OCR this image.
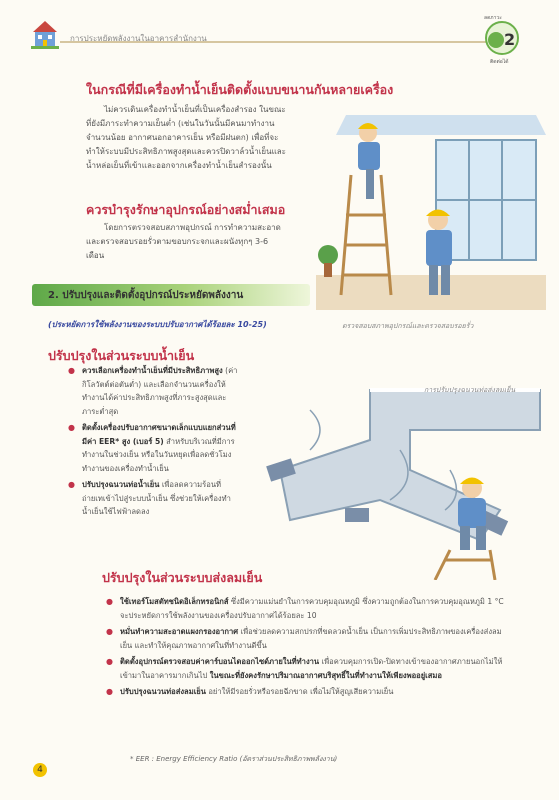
การประหยัดพลังงานในอาคารสำนักงาน	2
ลดภาวะ
ติดต่อได้
ในกรณีที่มีเครื่องทำน้ำเย็นติดตั้งแบบขนานกันหลายเครื่อง
ไม่ควรเดินเครื่องทำน้ำเย็นที่เป็นเครื่องสำรอง ในขณะ
ที่ยังมีภาระทำความเย็นต่ำ (เช่นในวันนั้นมีคนมาทำงาน
จำนวนน้อย อากาศนอกอาคารเย็น หรือมีฝนตก) เพื่อที่จะ
ทำให้ระบบมีประสิทธิภาพสูงสุดและควรปิดวาล์วน้ำเย็นและ
น้ำหล่อเย็นที่เข้าและออกจากเครื่องทำน้ำเย็นสำรองนั้น
ควรบำรุงรักษาอุปกรณ์อย่างสม่ำเสมอ
โดยการตรวจสอบสภาพอุปกรณ์ การทำความสะอาด
และตรวจสอบรอยรั่วตามขอบกระจกและผนังทุกๆ 3-6
เดือน
ตรวจสอบสภาพอุปกรณ์และตรวจสอบรอยรั่ว
2. ปรับปรุงและติดตั้งอุปกรณ์ประหยัดพลังงาน
(ประหยัดการใช้พลังงานของระบบปรับอากาศได้ร้อยละ 10-25)
ปรับปรุงในส่วนระบบน้ำเย็น
● ควรเลือกเครื่องทำน้ำเย็นที่มีประสิทธิภาพสูง (ค่ากิโลวัตต์ต่อตันต่ำ) และเลือกจำนวนเครื่องให้ทำงานได้ค่าประสิทธิภาพสูงที่ภาระสูงสุดและภาระต่ำสุด
● ติดตั้งเครื่องปรับอากาศขนาดเล็กแบบแยกส่วนที่มีค่า EER* สูง (เบอร์ 5) สำหรับบริเวณที่มีการทำงานในช่วงเย็น หรือในวันหยุดเพื่อลดชั่วโมงทำงานของเครื่องทำน้ำเย็น
● ปรับปรุงฉนวนท่อน้ำเย็น เพื่อลดความร้อนที่ถ่ายเทเข้าไปสู่ระบบน้ำเย็น ซึ่งช่วยให้เครื่องทำน้ำเย็นใช้ไฟฟ้าลดลง
การปรับปรุงฉนวนท่อส่งลมเย็น
ปรับปรุงในส่วนระบบส่งลมเย็น
● ใช้เทอร์โมสตัทชนิดอิเล็กทรอนิกส์ ซึ่งมีความแม่นยำในการควบคุมอุณหภูมิ ซึ่งความถูกต้องในการควบคุมอุณหภูมิ 1 °C จะประหยัดการใช้พลังงานของเครื่องปรับอากาศได้ร้อยละ 10
● หมั่นทำความสะอาดแผงกรองอากาศ เพื่อช่วยลดความสกปรกที่ขดลวดน้ำเย็น เป็นการเพิ่มประสิทธิภาพของเครื่องส่งลมเย็น และทำให้คุณภาพอากาศในที่ทำงานดีขึ้น
● ติดตั้งอุปกรณ์ตรวจสอบค่าคาร์บอนไดออกไซด์ภายในที่ทำงาน เพื่อควบคุมการเปิด-ปิดทางเข้าของอากาศภายนอกไม่ให้เข้ามาในอาคารมากเกินไป ในขณะที่ยังคงรักษาปริมาณอากาศบริสุทธิ์ในที่ทำงานให้เพียงพออยู่เสมอ
● ปรับปรุงฉนวนท่อส่งลมเย็น อย่าให้มีรอยรั่วหรือรอยฉีกขาด เพื่อไม่ให้สูญเสียความเย็น
* EER : Energy Efficiency Ratio (อัตราส่วนประสิทธิภาพพลังงาน)
4
